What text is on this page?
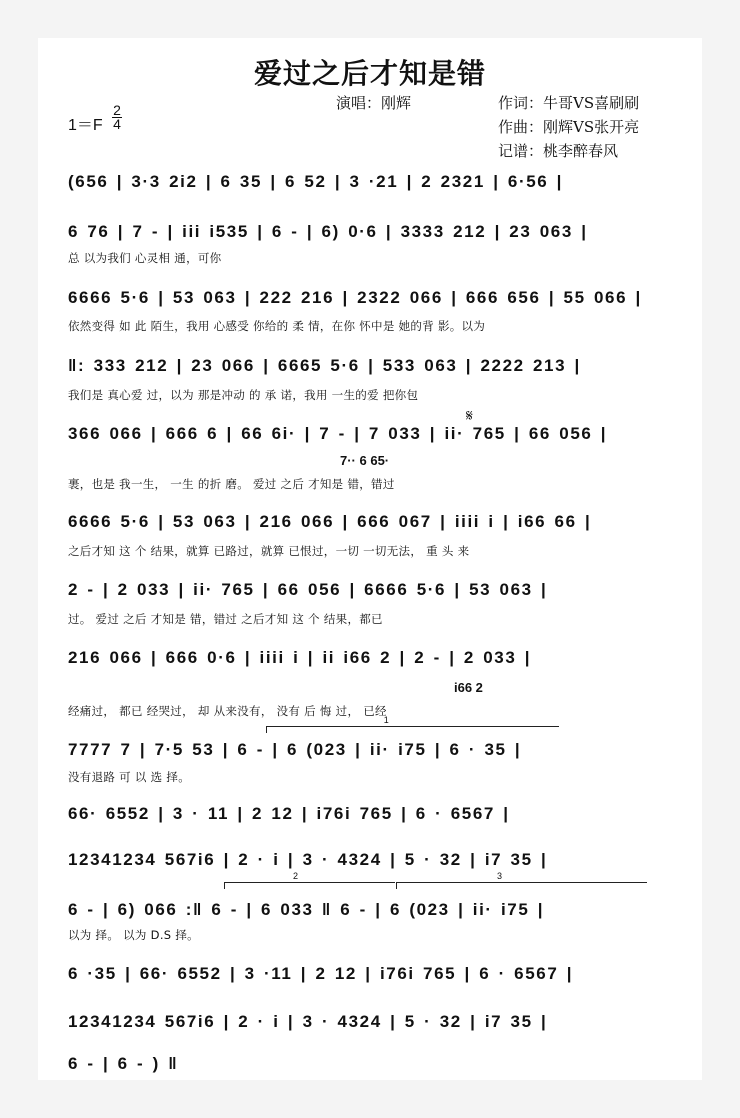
爱过之后才知是错
演唱：刚辉	作词：牛哥VS喜刷刷
作曲：刚辉VS张开亮
记谱：桃李醉春风
1＝F
2
4
(656 | 3·3 2i2 | 6 35 | 6 52 | 3 ·21 | 2 2321 | 6·56 |
6 76 | 7 - | iii i535 | 6 - | 6) 0·6 | 3333 212 | 23 063 |
总 以为我们 心灵相 通，可你
6666 5·6 | 53 063 | 222 216 | 2322 066 | 666 656 | 55 066 |
依然变得 如 此 陌生，我用 心感受 你给的 柔 情，在你 怀中是 她的背 影。以为
‖: 333 212 | 23 066 | 6665 5·6 | 533 063 | 2222 213 |
我们是 真心爱 过，以为 那是冲动 的 承 诺，我用 一生的爱 把你包
𝄋
366 066 | 666 6 | 66 6i· | 7 - | 7 033 | ii· 765 | 66 056 |
7·· 6 65·
裹，也是 我一生， 一生 的折 磨。 爱过 之后 才知是 错，错过
6666 5·6 | 53 063 | 216 066 | 666 067 | iiii i | i66 66 |
之后才知 这 个 结果，就算 已路过，就算 已恨过，一切 一切无法， 重 头 来
2 - | 2 033 | ii· 765 | 66 056 | 6666 5·6 | 53 063 |
过。 爱过 之后 才知是 错，错过 之后才知 这 个 结果，都已
216 066 | 666 0·6 | iiii i | ii i66 2 | 2 - | 2 033 |
i66 2
经痛过， 都已 经哭过， 却 从来没有， 没有 后 悔 过， 已经
1
7777 7 | 7·5 53 | 6 - | 6 (023 | ii· i75 | 6 · 35 |
没有退路 可 以 选 择。
66· 6552 | 3 · 11 | 2 12 | i76i 765 | 6 · 6567 |
12341234 567i6 | 2 · i | 3 · 4324 | 5 · 32 | i7 35 |
2	3
6 - | 6) 066 :‖ 6 - | 6 033 ‖ 6 - | 6 (023 | ii· i75 |
以为 择。 以为 D.S 择。
6 ·35 | 66· 6552 | 3 ·11 | 2 12 | i76i 765 | 6 · 6567 |
12341234 567i6 | 2 · i | 3 · 4324 | 5 · 32 | i7 35 |
6 - | 6 - ) ‖
